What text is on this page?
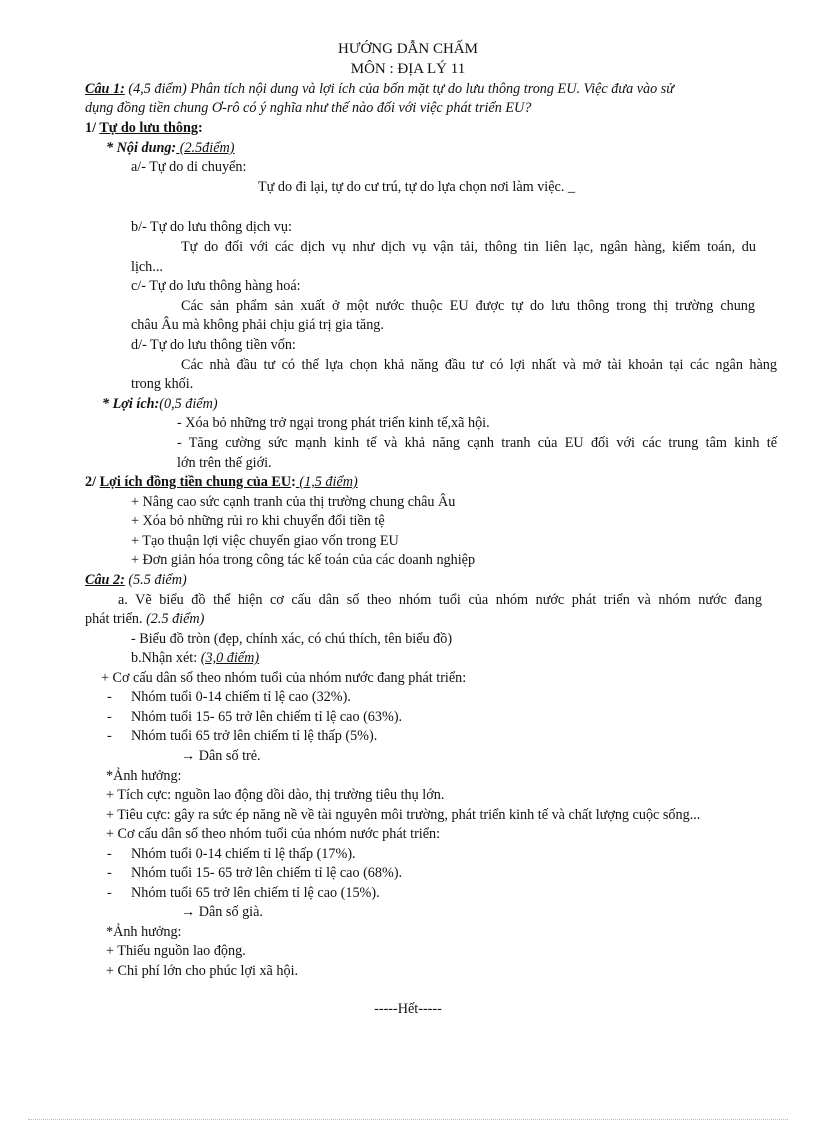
HƯỚNG DẪN CHẤM
MÔN : ĐỊA LÝ 11
Câu 1: (4,5 điểm) Phân tích nội dung và lợi ích của bốn mặt tự do lưu thông trong EU. Việc đưa vào sử
dụng đồng tiền chung Ơ-rô có ý nghĩa như thế nào đối với việc phát triển EU?
1/ Tự do lưu thông:
* Nội dung: (2.5điểm)
a/- Tự do di chuyển:
Tự do đi lại, tự do cư trú, tự do lựa chọn nơi làm việc. _
b/- Tự do lưu thông dịch vụ:
Tự do đối với các dịch vụ như dịch vụ vận tải, thông tin liên lạc, ngân hàng, kiểm toán, du
lịch...
c/- Tự do lưu thông hàng hoá:
Các sản phẩm sản xuất ở một nước thuộc EU được tự do lưu thông trong thị trường chung
châu Âu mà không phải chịu giá trị gia tăng.
d/- Tự do lưu thông tiền vốn:
Các nhà đầu tư có thể lựa chọn khả năng đầu tư có lợi nhất và mở tài khoản tại các ngân hàng
trong khối.
* Lợi ích:(0,5 điểm)
- Xóa bỏ những trở ngại trong phát triển kinh tế,xã hội.
- Tăng cường sức mạnh kinh tế và khả năng cạnh tranh của EU đối với các trung tâm kinh tế
lớn trên thế giới.
2/ Lợi ích đồng tiền chung của EU: (1,5 điểm)
+ Nâng cao sức cạnh tranh của thị trường chung châu Âu
+ Xóa bỏ những rủi ro khi chuyển đổi tiền tệ
+ Tạo thuận lợi việc chuyển giao vốn trong EU
+ Đơn giản hóa trong công tác kế toán của các doanh nghiệp
Câu 2: (5.5 điểm)
a. Vẽ biểu đồ thể hiện cơ cấu dân số theo nhóm tuổi của nhóm nước phát triển và nhóm nước đang
phát triển. (2.5 điểm)
- Biểu đồ tròn (đẹp, chính xác, có chú thích, tên biểu đồ)
b.Nhận xét: (3,0 điểm)
+ Cơ cấu dân số theo nhóm tuổi của nhóm nước đang phát triển:
- Nhóm tuổi 0-14 chiếm tỉ lệ cao (32%).
- Nhóm tuổi 15- 65 trở lên chiếm tỉ lệ cao (63%).
- Nhóm tuổi 65 trở lên chiếm tỉ lệ thấp (5%).
→ Dân số trẻ.
*Ảnh hưởng:
+ Tích cực: nguồn lao động dồi dào, thị trường tiêu thụ lớn.
+ Tiêu cực: gây ra sức ép năng nề về tài nguyên môi trường, phát triển kinh tế và chất lượng cuộc sống...
+ Cơ cấu dân số theo nhóm tuổi của nhóm nước phát triển:
- Nhóm tuổi 0-14 chiếm tỉ lệ thấp (17%).
- Nhóm tuổi 15- 65 trở lên chiếm tỉ lệ cao (68%).
- Nhóm tuổi 65 trở lên chiếm tỉ lệ cao (15%).
→ Dân số già.
*Ảnh hưởng:
+ Thiếu nguồn lao động.
+ Chi phí lớn cho phúc lợi xã hội.
-----Hết-----
